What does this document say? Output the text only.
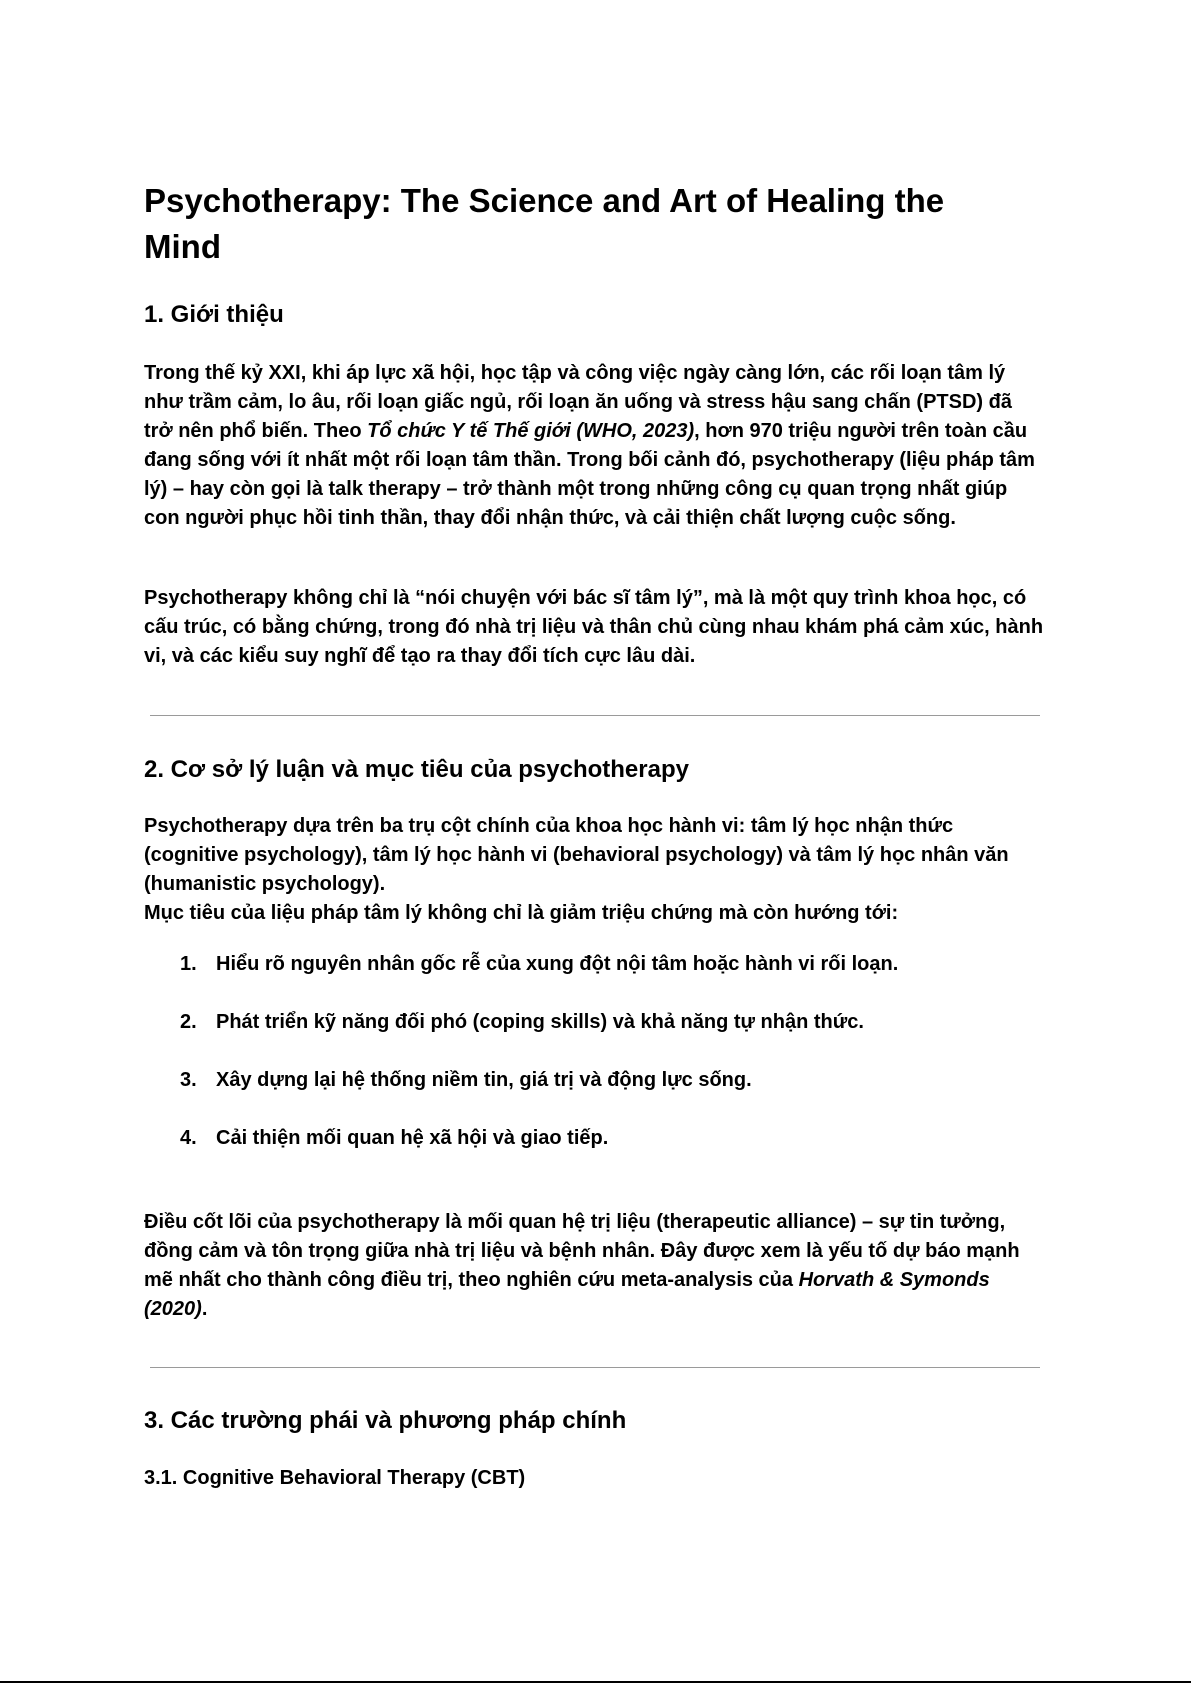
Psychotherapy: The Science and Art of Healing the Mind
1. Giới thiệu

Trong thế kỷ XXI, khi áp lực xã hội, học tập và công việc ngày càng lớn, các rối loạn tâm lý như trầm cảm, lo âu, rối loạn giấc ngủ, rối loạn ăn uống và stress hậu sang chấn (PTSD) đã trở nên phổ biến. Theo Tổ chức Y tế Thế giới (WHO, 2023), hơn 970 triệu người trên toàn cầu đang sống với ít nhất một rối loạn tâm thần. Trong bối cảnh đó, psychotherapy (liệu pháp tâm lý) – hay còn gọi là talk therapy – trở thành một trong những công cụ quan trọng nhất giúp con người phục hồi tinh thần, thay đổi nhận thức, và cải thiện chất lượng cuộc sống.

Psychotherapy không chỉ là “nói chuyện với bác sĩ tâm lý”, mà là một quy trình khoa học, có cấu trúc, có bằng chứng, trong đó nhà trị liệu và thân chủ cùng nhau khám phá cảm xúc, hành vi, và các kiểu suy nghĩ để tạo ra thay đổi tích cực lâu dài.

2. Cơ sở lý luận và mục tiêu của psychotherapy

Psychotherapy dựa trên ba trụ cột chính của khoa học hành vi: tâm lý học nhận thức (cognitive psychology), tâm lý học hành vi (behavioral psychology) và tâm lý học nhân văn (humanistic psychology).
Mục tiêu của liệu pháp tâm lý không chỉ là giảm triệu chứng mà còn hướng tới:

1. Hiểu rõ nguyên nhân gốc rễ của xung đột nội tâm hoặc hành vi rối loạn.
2. Phát triển kỹ năng đối phó (coping skills) và khả năng tự nhận thức.
3. Xây dựng lại hệ thống niềm tin, giá trị và động lực sống.
4. Cải thiện mối quan hệ xã hội và giao tiếp.

Điều cốt lõi của psychotherapy là mối quan hệ trị liệu (therapeutic alliance) – sự tin tưởng, đồng cảm và tôn trọng giữa nhà trị liệu và bệnh nhân. Đây được xem là yếu tố dự báo mạnh mẽ nhất cho thành công điều trị, theo nghiên cứu meta-analysis của Horvath & Symonds (2020).

3. Các trường phái và phương pháp chính
3.1. Cognitive Behavioral Therapy (CBT)
